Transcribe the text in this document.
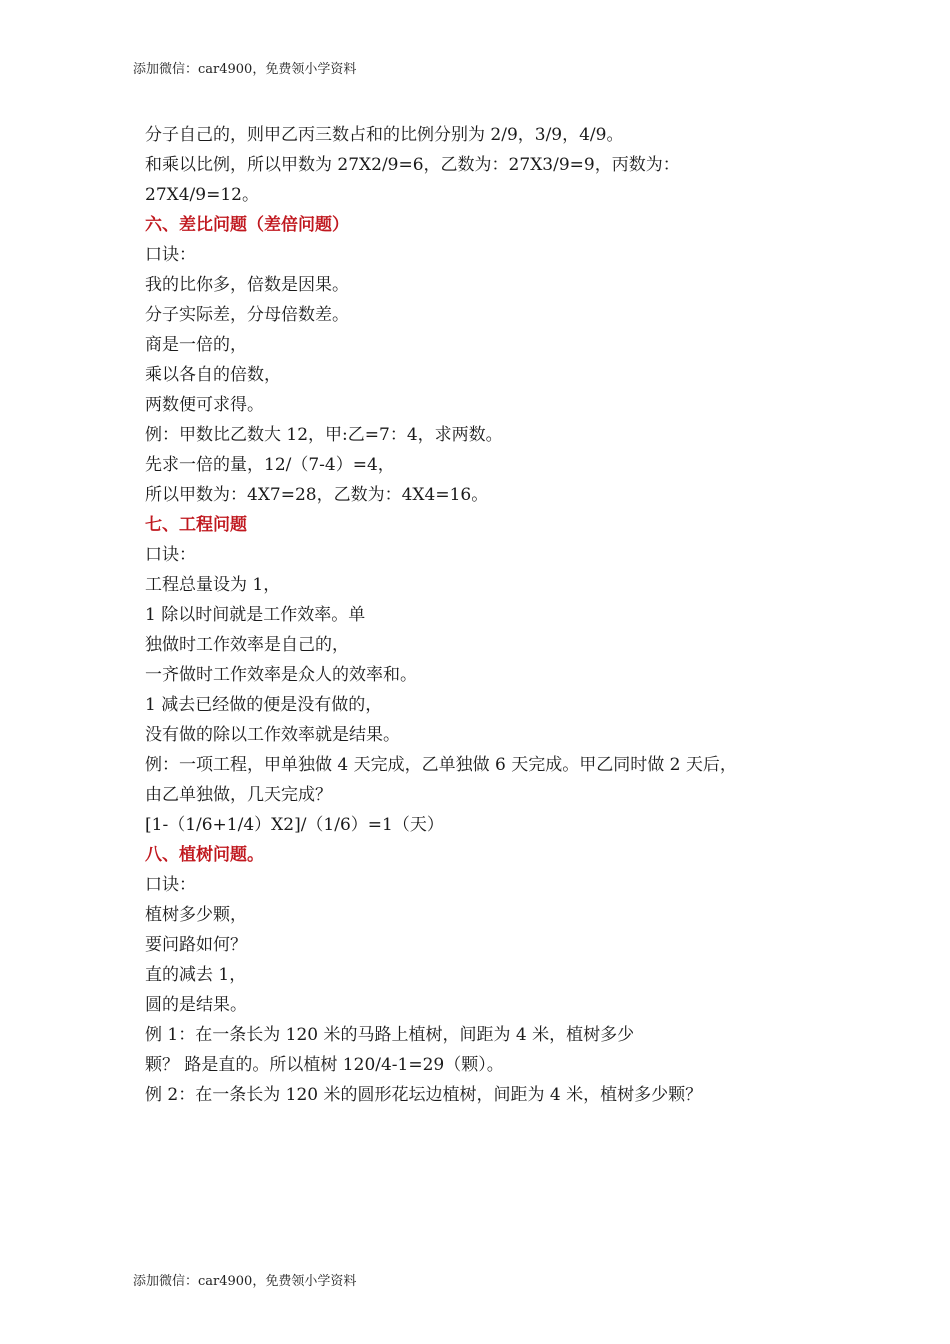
添加微信：car4900，免费领小学资料
分子自己的，则甲乙丙三数占和的比例分别为 2/9，3/9，4/9。
和乘以比例，所以甲数为 27X2/9=6，乙数为：27X3/9=9，丙数为：
27X4/9=12。
六、差比问题（差倍问题）
口诀：
我的比你多，倍数是因果。
分子实际差，分母倍数差。
商是一倍的，
乘以各自的倍数，
两数便可求得。
例：甲数比乙数大 12，甲:乙=7：4，求两数。
先求一倍的量，12/（7-4）=4，
所以甲数为：4X7=28，乙数为：4X4=16。
七、工程问题
口诀：
工程总量设为 1，
1 除以时间就是工作效率。单
独做时工作效率是自己的，
一齐做时工作效率是众人的效率和。
1 减去已经做的便是没有做的，
没有做的除以工作效率就是结果。
例：一项工程，甲单独做 4 天完成，乙单独做 6 天完成。甲乙同时做 2 天后，
由乙单独做，几天完成？
[1-（1/6+1/4）X2]/（1/6）=1（天）
八、植树问题。
口诀：
植树多少颗，
要问路如何？
直的减去 1，
圆的是结果。
例 1：在一条长为 120 米的马路上植树，间距为 4 米，植树多少
颗？ 路是直的。所以植树 120/4-1=29（颗）。
例 2：在一条长为 120 米的圆形花坛边植树，间距为 4 米，植树多少颗？
添加微信：car4900，免费领小学资料
